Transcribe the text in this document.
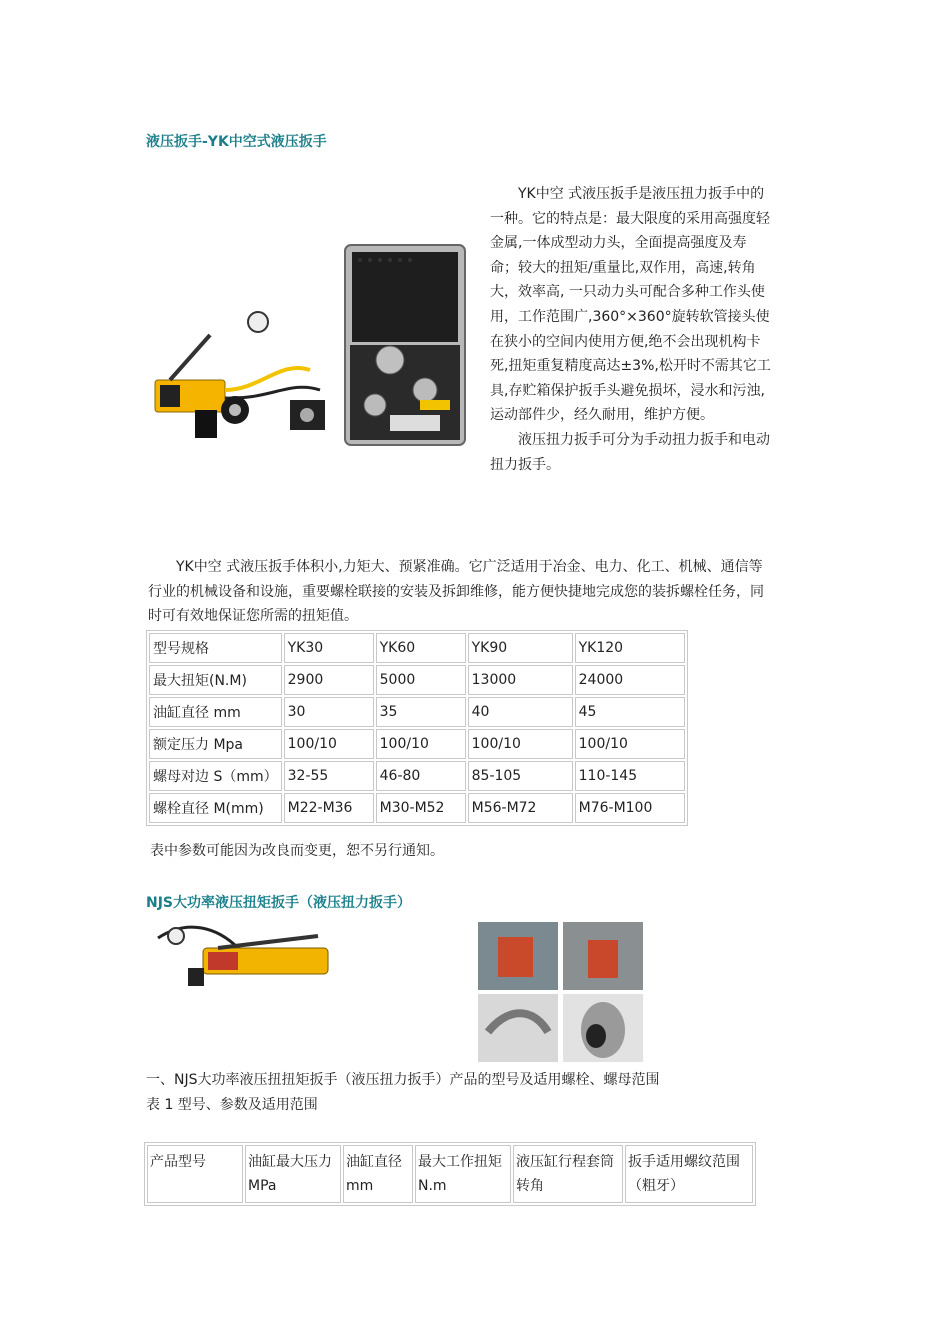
液压扳手-YK中空式液压扳手

YK中空 式液压扳手是液压扭力扳手中的一种。它的特点是：最大限度的采用高强度轻金属,一体成型动力头，全面提高强度及寿命；较大的扭矩/重量比,双作用，高速,转角大，效率高, 一只动力头可配合多种工作头使用，工作范围广,360°×360°旋转软管接头使在狭小的空间内使用方便,绝不会出现机构卡死,扭矩重复精度高达±3%,松开时不需其它工具,存贮箱保护扳手头避免损坏，浸水和污浊,运动部件少，经久耐用，维护方便。

液压扭力扳手可分为手动扭力扳手和电动扭力扳手。

YK中空 式液压扳手体积小,力矩大、预紧准确。它广泛适用于冶金、电力、化工、机械、通信等行业的机械设备和设施，重要螺栓联接的安装及拆卸维修，能方便快捷地完成您的装拆螺栓任务，同时可有效地保证您所需的扭矩值。
型号规格	YK30	YK60	YK90	YK120
最大扭矩(N.M)	2900	5000	13000	24000
油缸直径 mm	30	35	40	45
额定压力 Mpa	100/10	100/10	100/10	100/10
螺母对边 S（mm）	32-55	46-80	85-105	110-145
螺栓直径 M(mm)	M22-M36	M30-M52	M56-M72	M76-M100
表中参数可能因为改良而变更，恕不另行通知。
NJS大功率液压扭矩扳手（液压扭力扳手）

一、NJS大功率液压扭扭矩扳手（液压扭力扳手）产品的型号及适用螺栓、螺母范围

表 1 型号、参数及适用范围

产品型号	油缸最大压力 MPa	油缸直径 mm	最大工作扭矩 N.m	液压缸行程套筒转角	扳手适用螺纹范围（粗牙）
